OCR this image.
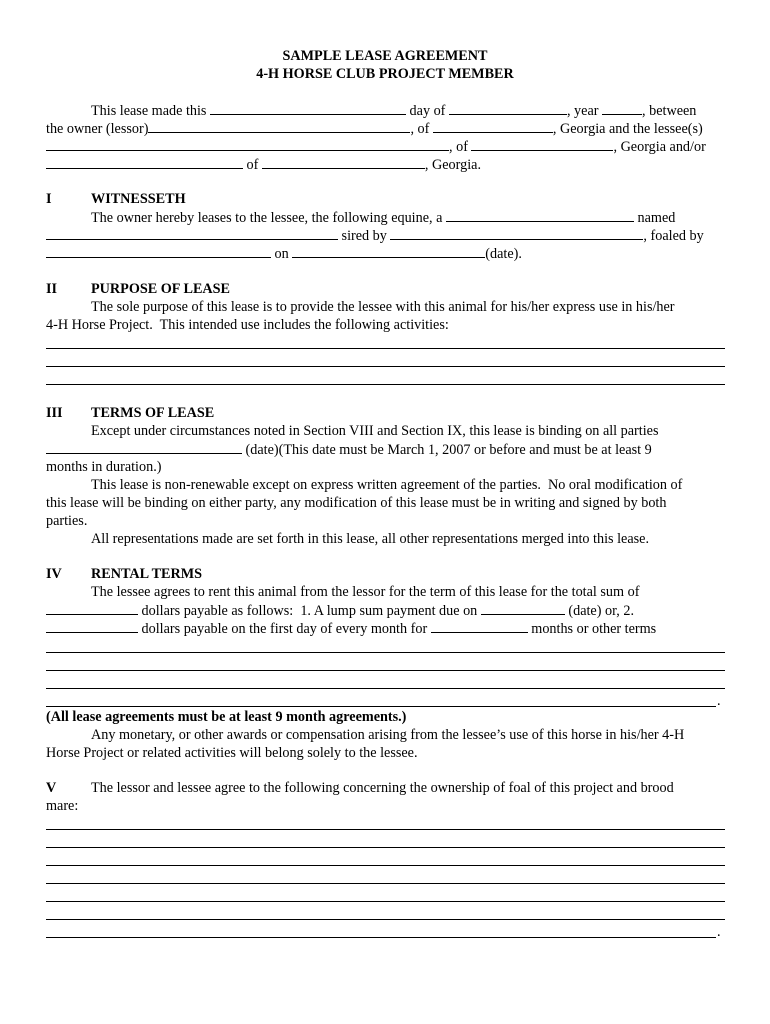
SAMPLE LEASE AGREEMENT
4-H HORSE CLUB PROJECT MEMBER
This lease made this	day of	, year	, between
the owner (lessor)	, of	, Georgia and the lessee(s)
, of	, Georgia and/or
of	, Georgia.
I	WITNESSETH
The owner hereby leases to the lessee, the following equine, a	named
sired by	, foaled by
on	(date).
II PURPOSE OF LEASE
The sole purpose of this lease is to provide the lessee with this animal for his/her express use in his/her
4-H Horse Project.  This intended use includes the following activities:
III TERMS OF LEASE
Except under circumstances noted in Section VIII and Section IX, this lease is binding on all parties
(date)(This date must be March 1, 2007 or before and must be at least 9
months in duration.)
This lease is non-renewable except on express written agreement of the parties.  No oral modification of
this lease will be binding on either party, any modification of this lease must be in writing and signed by both
parties.
All representations made are set forth in this lease, all other representations merged into this lease.
IV RENTAL TERMS
The lessee agrees to rent this animal from the lessor for the term of this lease for the total sum of
dollars payable as follows:  1. A lump sum payment due on	(date) or, 2.
dollars payable on the first day of every month for	months or other terms
.
(All lease agreements must be at least 9 month agreements.)
Any monetary, or other awards or compensation arising from the lessee’s use of this horse in his/her 4-H
Horse Project or related activities will belong solely to the lessee.
V The lessor and lessee agree to the following concerning the ownership of foal of this project and brood
mare:
.
